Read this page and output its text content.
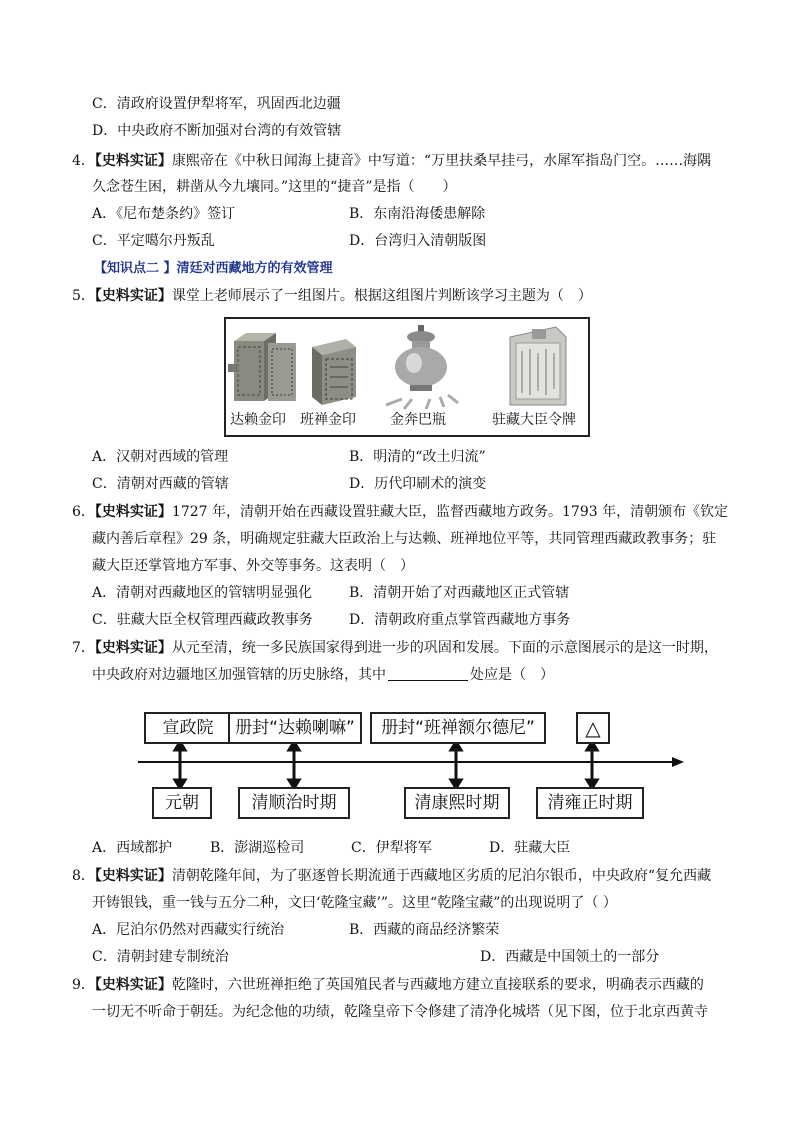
C．清政府设置伊犁将军，巩固西北边疆
D．中央政府不断加强对台湾的有效管辖
4．【史料实证】康熙帝在《中秋日闻海上捷音》中写道：“万里扶桑早挂弓，水犀军指岛门空。……海隅
久念苍生困，耕凿从今九壤同。”这里的“捷音”是指（　　）
A．《尼布楚条约》签订	B．东南沿海倭患解除
C．平定噶尔丹叛乱	D．台湾归入清朝版图
【知识点二 】清廷对西藏地方的有效管理
5．【史料实证】课堂上老师展示了一组图片。根据这组图片判断该学习主题为（　）
达赖金印 班禅金印 金奔巴瓶	驻藏大臣令牌
A．汉朝对西域的管理	B．明清的“改土归流”
C．清朝对西藏的管辖	D．历代印刷术的演变
6．【史料实证】1727 年，清朝开始在西藏设置驻藏大臣，监督西藏地方政务。1793 年，清朝颁布《钦定
藏内善后章程》29 条，明确规定驻藏大臣政治上与达赖、班禅地位平等，共同管理西藏政教事务；驻
藏大臣还掌管地方军事、外交等事务。这表明（　）
A．清朝对西藏地区的管辖明显强化	B．清朝开始了对西藏地区正式管辖
C．驻藏大臣全权管理西藏政教事务	D．清朝政府重点掌管西藏地方事务
7．【史料实证】从元至清，统一多民族国家得到进一步的巩固和发展。下面的示意图展示的是这一时期，
中央政府对边疆地区加强管辖的历史脉络，其中	处应是（　）
宣政院	册封“达赖喇嘛”	册封“班禅额尔德尼”	△
元朝	清顺治时期	清康熙时期	清雍正时期
A．西域都护	B．澎湖巡检司	C．伊犁将军	D．驻藏大臣
8．【史料实证】清朝乾隆年间，为了驱逐曾长期流通于西藏地区劣质的尼泊尔银币，中央政府“复允西藏
开铸银钱，重一钱与五分二种，文曰‘乾隆宝藏’”。这里“乾隆宝藏”的出现说明了（ ）
A．尼泊尔仍然对西藏实行统治	B．西藏的商品经济繁荣
C．清朝封建专制统治	D．西藏是中国领土的一部分
9．【史料实证】乾隆时，六世班禅拒绝了英国殖民者与西藏地方建立直接联系的要求，明确表示西藏的
一切无不听命于朝廷。为纪念他的功绩，乾隆皇帝下令修建了清净化城塔（见下图，位于北京西黄寺
